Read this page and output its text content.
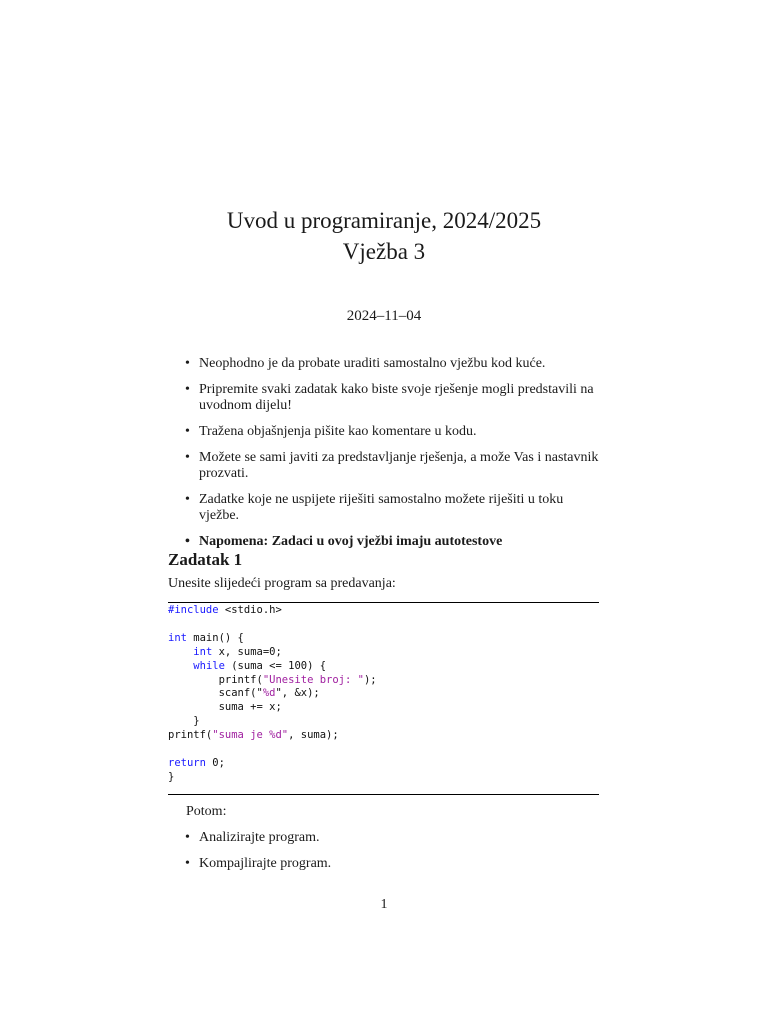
Uvod u programiranje, 2024/2025
Vježba 3
2024–11–04
• Neophodno je da probate uraditi samostalno vježbu kod kuće.
• Pripremite svaki zadatak kako biste svoje rješenje mogli predstavili na uvodnom dijelu!
• Tražena objašnjenja pišite kao komentare u kodu.
• Možete se sami javiti za predstavljanje rješenja, a može Vas i nastavnik prozvati.
• Zadatke koje ne uspijete riješiti samostalno možete riješiti u toku vježbe.
• Napomena: Zadaci u ovoj vježbi imaju autotestove
Zadatak 1
Unesite slijedeći program sa predavanja:
#include <stdio.h>

int main() {
int x, suma=0;
while (suma <= 100) {
printf("Unesite broj: ");
scanf("%d", &x);
suma += x;
}
printf("suma je %d", suma);

return 0;
}
Potom:
• Analizirajte program.
• Kompajlirajte program.
1
